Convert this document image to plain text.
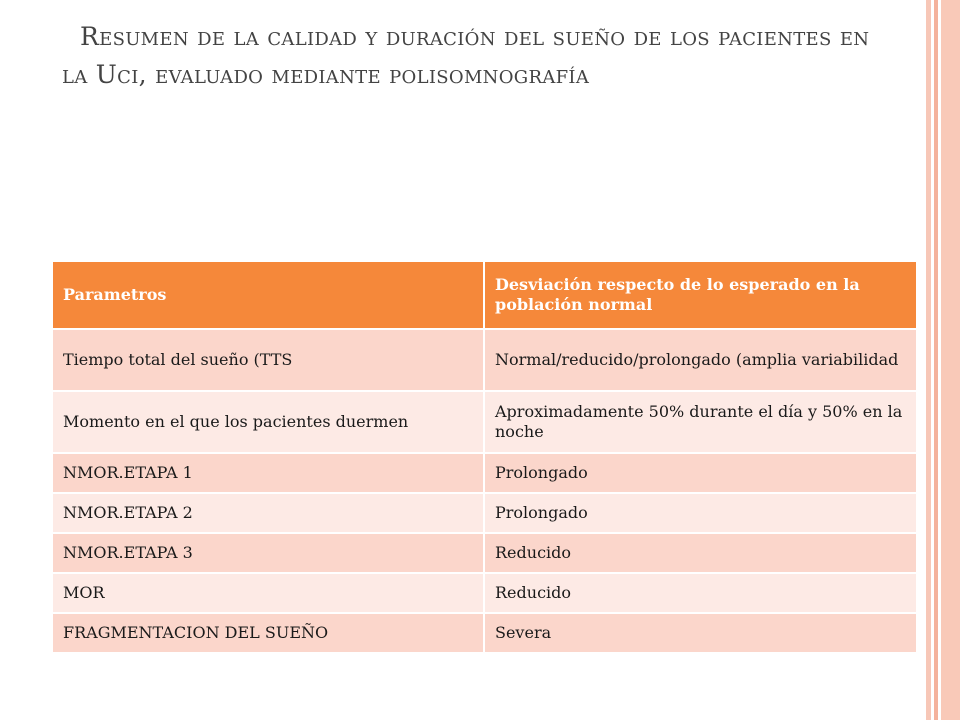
Resumen de la calidad y duración del sueño de los pacientes en la Uci, evaluado mediante polisomnografía
Parametros	Desviación respecto de lo esperado en la población normal
Tiempo total del sueño (TTS	Normal/reducido/prolongado (amplia variabilidad
Momento en el que los pacientes duermen	Aproximadamente 50% durante el día y 50% en la noche
NMOR.ETAPA 1	Prolongado
NMOR.ETAPA 2	Prolongado
NMOR.ETAPA 3	Reducido
MOR	Reducido
FRAGMENTACION DEL SUEÑO	Severa
